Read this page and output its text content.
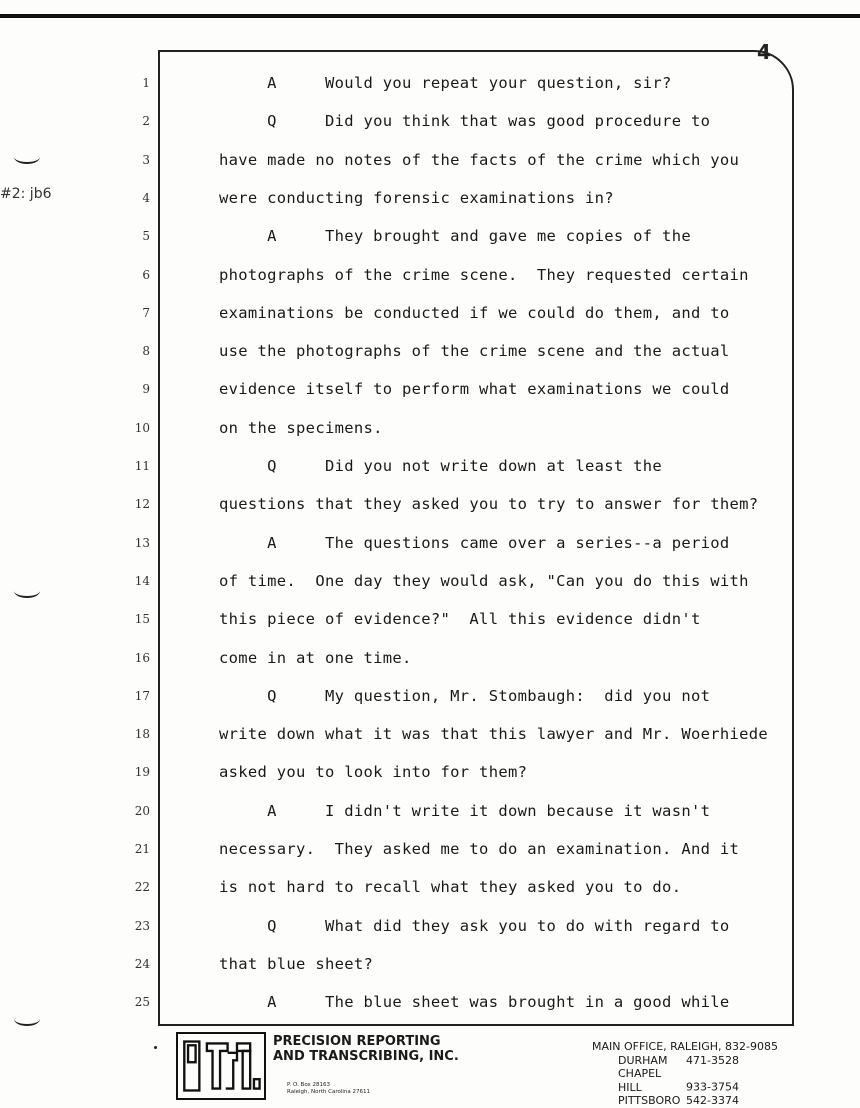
4
#2: jb6
1	A     Would you repeat your question, sir?
2	Q     Did you think that was good procedure to
3	have made no notes of the facts of the crime which you
4	were conducting forensic examinations in?
5	A     They brought and gave me copies of the
6	photographs of the crime scene.  They requested certain
7	examinations be conducted if we could do them, and to
8	use the photographs of the crime scene and the actual
9	evidence itself to perform what examinations we could
10	on the specimens.
11	Q     Did you not write down at least the
12	questions that they asked you to try to answer for them?
13	A     The questions came over a series--a period
14	of time.  One day they would ask, "Can you do this with
15	this piece of evidence?"  All this evidence didn't
16	come in at one time.
17	Q     My question, Mr. Stombaugh:  did you not
18	write down what it was that this lawyer and Mr. Woerhiede
19	asked you to look into for them?
20	A     I didn't write it down because it wasn't
21	necessary.  They asked me to do an examination. And it
22	is not hard to recall what they asked you to do.
23	Q     What did they ask you to do with regard to
24	that blue sheet?
25	A     The blue sheet was brought in a good while
PRECISION REPORTING
AND TRANSCRIBING, INC.
P. O. Box 28163
Raleigh, North Carolina 27611
MAIN OFFICE, RALEIGH, 832-9085
DURHAM 471-3528
CHAPEL HILL	933-3754
PITTSBORO 542-3374
